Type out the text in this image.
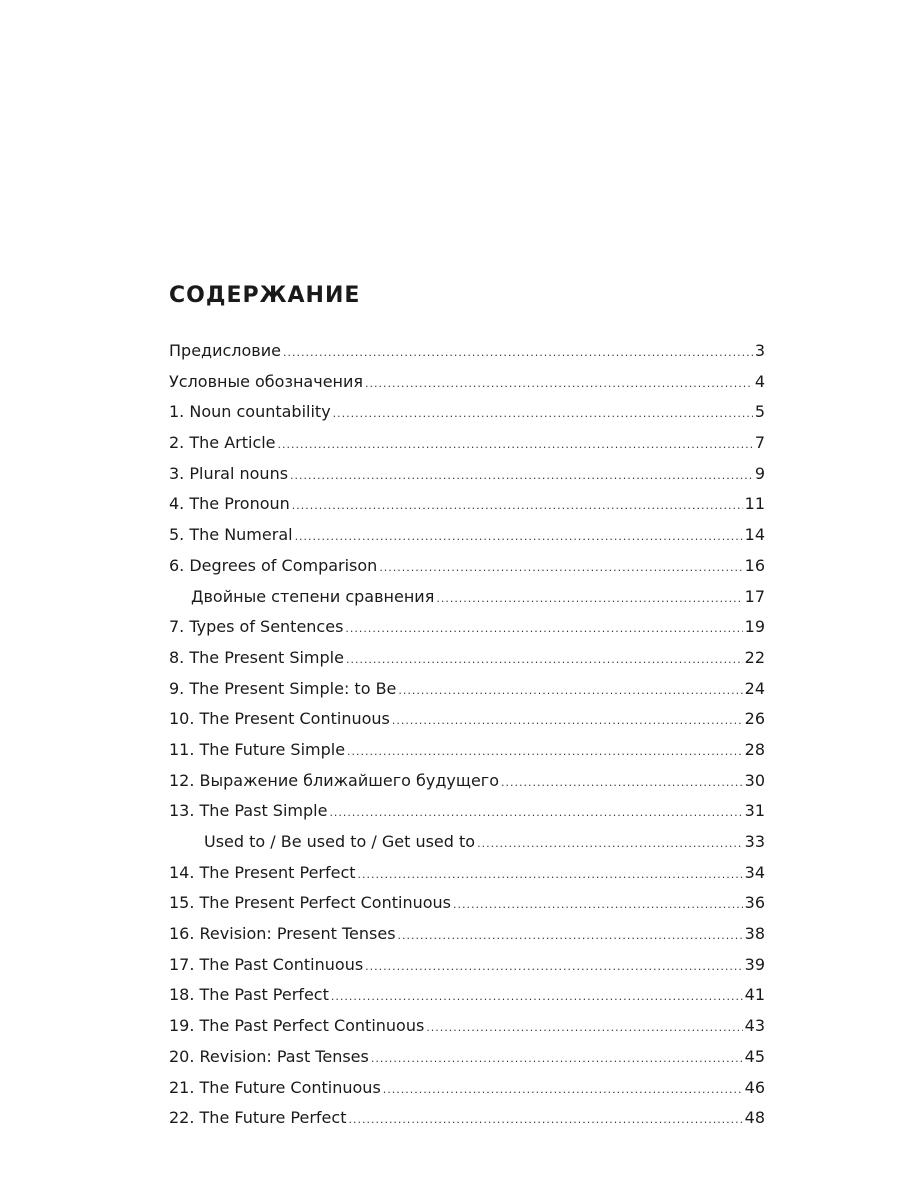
СОДЕРЖАНИЕ
Предисловие .....	3
Условные обозначения .....	4
1. Noun countability .....	5
2. The Article .....	7
3. Plural nouns .....	9
4. The Pronoun .....	11
5. The Numeral .....	14
6. Degrees of Comparison .....	16
Двойные степени сравнения .....	17
7. Types of Sentences .....	19
8. The Present Simple .....	22
9. The Present Simple: to Be .....	24
10. The Present Continuous .....	26
11. The Future Simple .....	28
12. Выражение ближайшего будущего .....	30
13. The Past Simple .....	31
Used to / Be used to / Get used to .....	33
14. The Present Perfect .....	34
15. The Present Perfect Continuous .....	36
16. Revision: Present Tenses .....	38
17. The Past Continuous .....	39
18. The Past Perfect .....	41
19. The Past Perfect Continuous .....	43
20. Revision: Past Tenses .....	45
21. The Future Continuous .....	46
22. The Future Perfect .....	48
